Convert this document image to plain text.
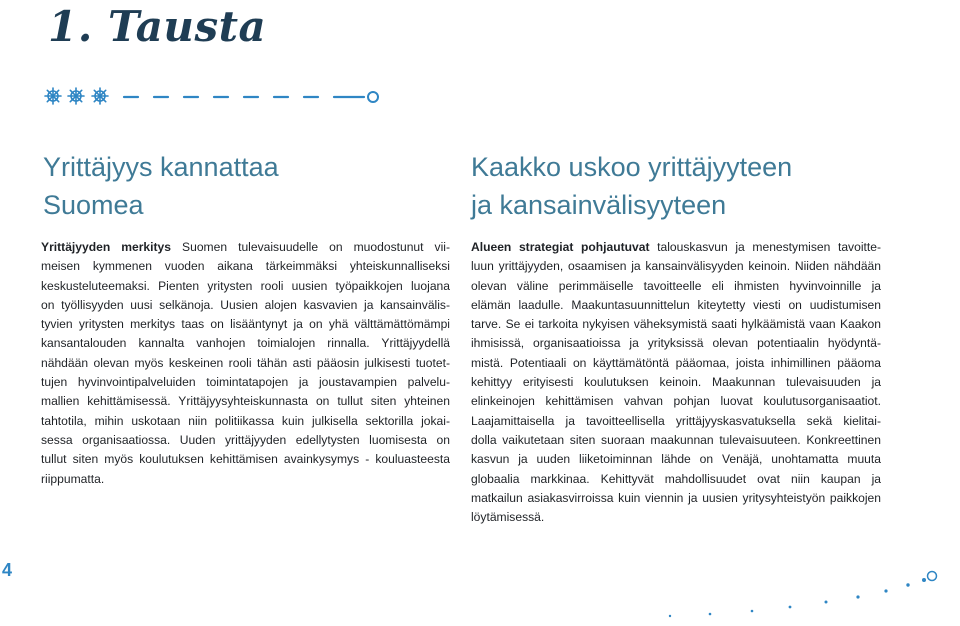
1. Tausta
Yrittäjyys kannattaa
Suomea
Kaakko uskoo yrittäjyyteen
ja kansainvälisyyteen
Yrittäjyyden merkitys Suomen tulevaisuudelle on muodostunut vii-
meisen kymmenen vuoden aikana tärkeimmäksi yhteiskunnalliseksi
keskusteluteemaksi. Pienten yritysten rooli uusien työpaikkojen luojana
on työllisyyden uusi selkänoja. Uusien alojen kasvavien ja kansainvälis-
tyvien yritysten merkitys taas on lisääntynyt ja on yhä välttämättömämpi
kansantalouden kannalta vanhojen toimialojen rinnalla. Yrittäjyydellä
nähdään olevan myös keskeinen rooli tähän asti pääosin julkisesti tuotet-
tujen hyvinvointipalveluiden toimintatapojen ja joustavampien palvelu-
mallien kehittämisessä. Yrittäjyysyhteiskunnasta on tullut siten yhteinen
tahtotila, mihin uskotaan niin politiikassa kuin julkisella sektorilla jokai-
sessa organisaatiossa. Uuden yrittäjyyden edellytysten luomisesta on
tullut siten myös koulutuksen kehittämisen avainkysymys - kouluasteesta
riippumatta.
Alueen strategiat pohjautuvat talouskasvun ja menestymisen tavoitte-
luun yrittäjyyden, osaamisen ja kansainvälisyyden keinoin. Niiden nähdään
olevan väline perimmäiselle tavoitteelle eli ihmisten hyvinvoinnille ja
elämän laadulle. Maakuntasuunnittelun kiteytetty viesti on uudistumisen
tarve. Se ei tarkoita nykyisen väheksymistä saati hylkäämistä vaan Kaakon
ihmisissä, organisaatioissa ja yrityksissä olevan potentiaalin hyödyntä-
mistä. Potentiaali on käyttämätöntä pääomaa, joista inhimillinen pääoma
kehittyy erityisesti koulutuksen keinoin. Maakunnan tulevaisuuden ja
elinkeinojen kehittämisen vahvan pohjan luovat koulutusorganisaatiot.
Laajamittaisella ja tavoitteellisella yrittäjyyskasvatuksella sekä kielitai-
dolla vaikutetaan siten suoraan maakunnan tulevaisuuteen. Konkreettinen
kasvun ja uuden liiketoiminnan lähde on Venäjä, unohtamatta muuta
globaalia markkinaa. Kehittyvät mahdollisuudet ovat niin kaupan ja
matkailun asiakasvirroissa kuin viennin ja uusien yritysyhteistyön paikkojen
löytämisessä.
4
